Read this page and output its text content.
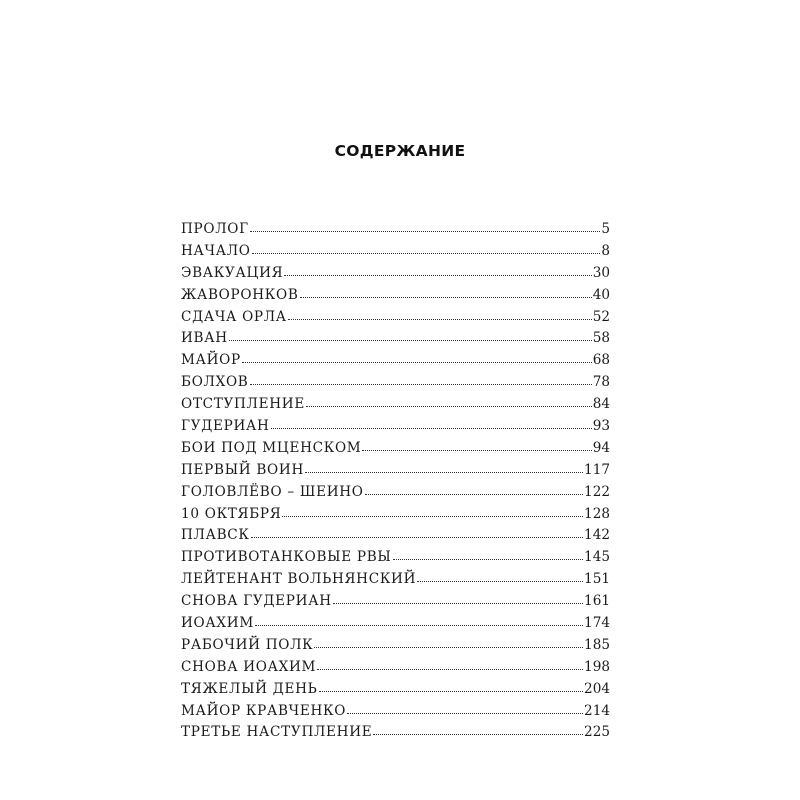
СОДЕРЖАНИЕ
ПРОЛОГ	5
НАЧАЛО	8
ЭВАКУАЦИЯ	30
ЖАВОРОНКОВ	40
СДАЧА ОРЛА	52
ИВАН	58
МАЙОР	68
БОЛХОВ	78
ОТСТУПЛЕНИЕ	84
ГУДЕРИАН	93
БОИ ПОД МЦЕНСКОМ	94
ПЕРВЫЙ ВОИН	117
ГОЛОВЛЁВО – ШЕИНО	122
10 ОКТЯБРЯ	128
ПЛАВСК	142
ПРОТИВОТАНКОВЫЕ РВЫ	145
ЛЕЙТЕНАНТ ВОЛЬНЯНСКИЙ	151
СНОВА ГУДЕРИАН	161
ИОАХИМ	174
РАБОЧИЙ ПОЛК	185
СНОВА ИОАХИМ	198
ТЯЖЕЛЫЙ ДЕНЬ	204
МАЙОР КРАВЧЕНКО	214
ТРЕТЬЕ НАСТУПЛЕНИЕ	225
